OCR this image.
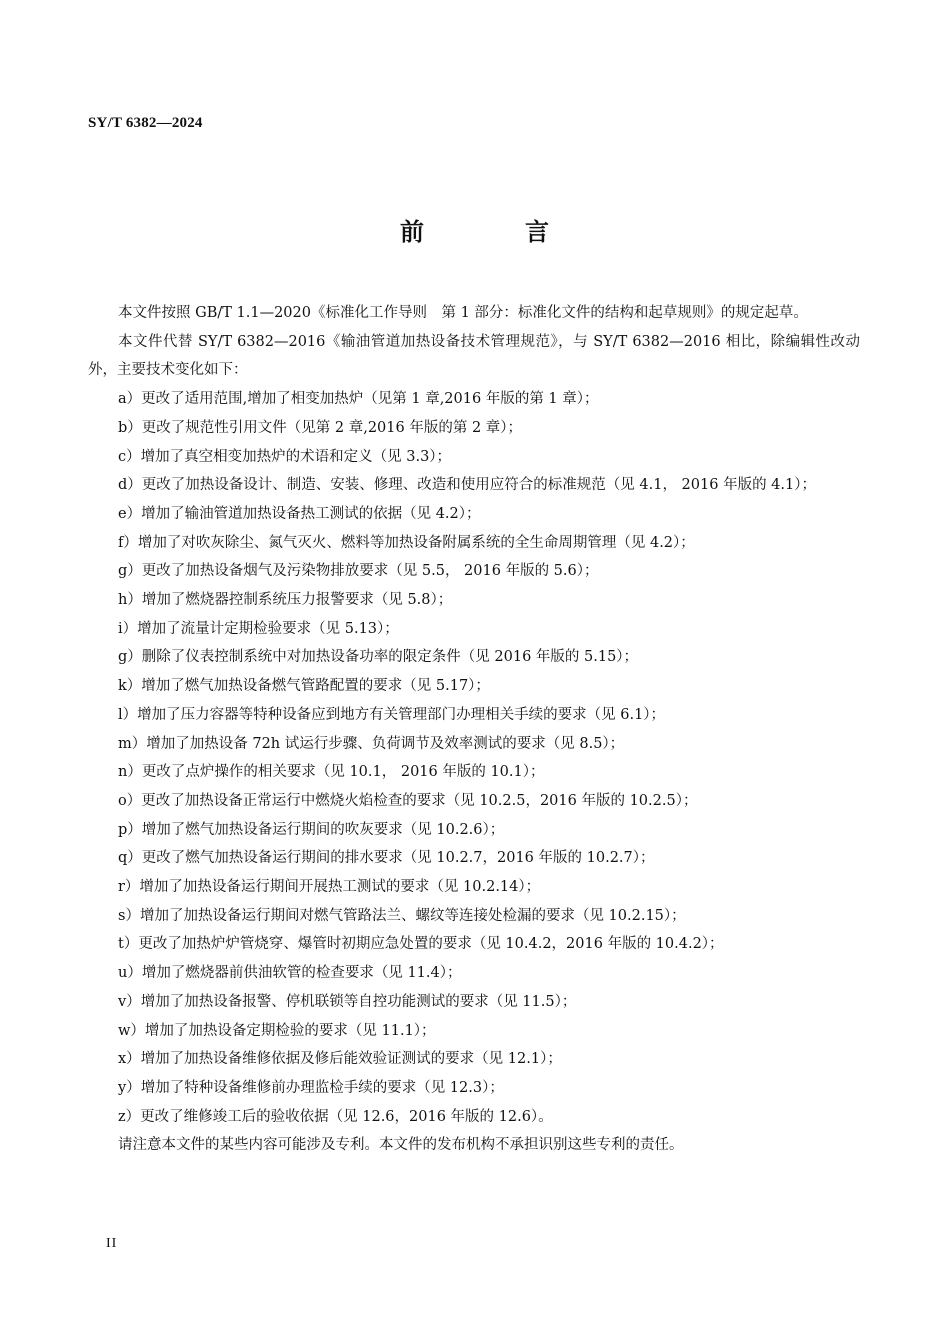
SY/T 6382—2024
前	言

本文件按照 GB/T 1.1—2020《标准化工作导则　第 1 部分：标准化文件的结构和起草规则》的规定起草。

本文件代替 SY/T 6382—2016《输油管道加热设备技术管理规范》，与 SY/T 6382—2016 相比，除编辑性改动外，主要技术变化如下：

a）更改了适用范围,增加了相变加热炉（见第 1 章,2016 年版的第 1 章）；

b）更改了规范性引用文件（见第 2 章,2016 年版的第 2 章）；

c）增加了真空相变加热炉的术语和定义（见 3.3）；

d）更改了加热设备设计、制造、安装、修理、改造和使用应符合的标准规范（见 4.1， 2016 年版的 4.1）；

e）增加了输油管道加热设备热工测试的依据（见 4.2）；

f）增加了对吹灰除尘、氮气灭火、燃料等加热设备附属系统的全生命周期管理（见 4.2）；

g）更改了加热设备烟气及污染物排放要求（见 5.5， 2016 年版的 5.6）；

h）增加了燃烧器控制系统压力报警要求（见 5.8）；

i）增加了流量计定期检验要求（见 5.13）；

g）删除了仪表控制系统中对加热设备功率的限定条件（见 2016 年版的 5.15）；

k）增加了燃气加热设备燃气管路配置的要求（见 5.17）；

l）增加了压力容器等特种设备应到地方有关管理部门办理相关手续的要求（见 6.1）；

m）增加了加热设备 72h 试运行步骤、负荷调节及效率测试的要求（见 8.5）；

n）更改了点炉操作的相关要求（见 10.1， 2016 年版的 10.1）；

o）更改了加热设备正常运行中燃烧火焰检查的要求（见 10.2.5，2016 年版的 10.2.5）；

p）增加了燃气加热设备运行期间的吹灰要求（见 10.2.6）；

q）更改了燃气加热设备运行期间的排水要求（见 10.2.7，2016 年版的 10.2.7）；

r）增加了加热设备运行期间开展热工测试的要求（见 10.2.14）；

s）增加了加热设备运行期间对燃气管路法兰、螺纹等连接处检漏的要求（见 10.2.15）；

t）更改了加热炉炉管烧穿、爆管时初期应急处置的要求（见 10.4.2，2016 年版的 10.4.2）；

u）增加了燃烧器前供油软管的检查要求（见 11.4）；

v）增加了加热设备报警、停机联锁等自控功能测试的要求（见 11.5）；

w）增加了加热设备定期检验的要求（见 11.1）；

x）增加了加热设备维修依据及修后能效验证测试的要求（见 12.1）；

y）增加了特种设备维修前办理监检手续的要求（见 12.3）；

z）更改了维修竣工后的验收依据（见 12.6，2016 年版的 12.6）。

请注意本文件的某些内容可能涉及专利。本文件的发布机构不承担识别这些专利的责任。

II
